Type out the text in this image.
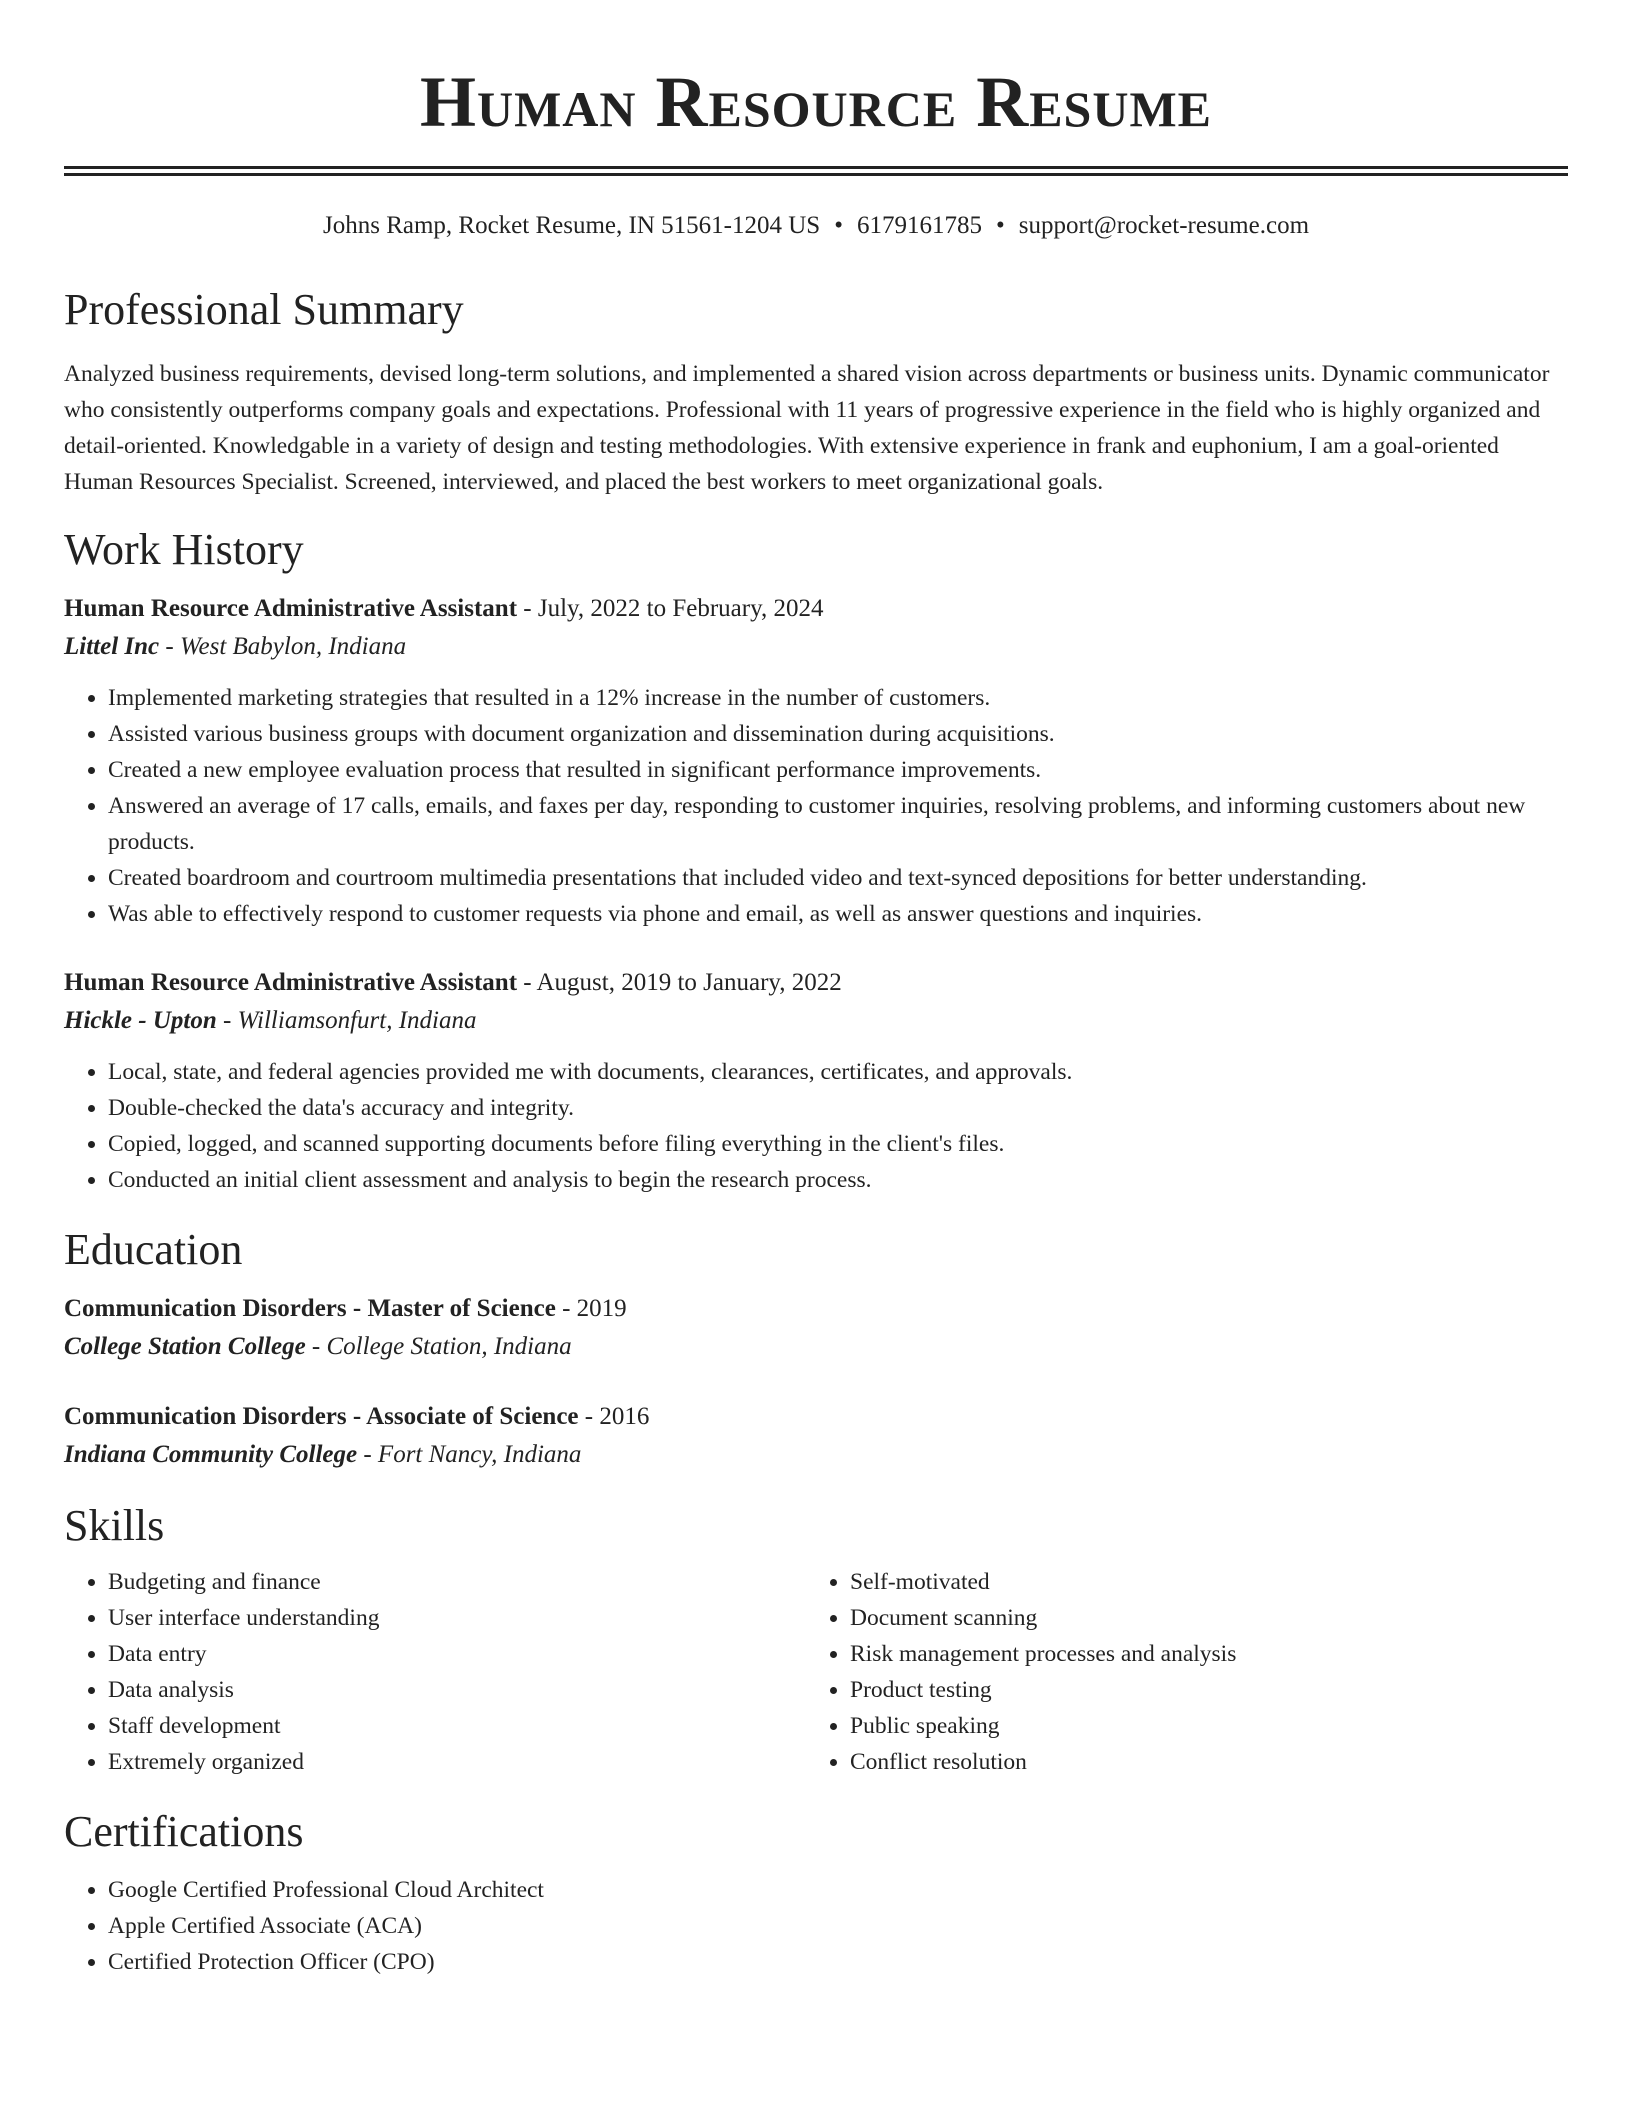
Human Resource Resume
Johns Ramp, Rocket Resume, IN 51561-1204 US • 6179161785 • support@rocket-resume.com
Professional Summary

Analyzed business requirements, devised long-term solutions, and implemented a shared vision across departments or business units. Dynamic communicator who consistently outperforms company goals and expectations. Professional with 11 years of progressive experience in the field who is highly organized and detail-oriented. Knowledgable in a variety of design and testing methodologies. With extensive experience in frank and euphonium, I am a goal-oriented Human Resources Specialist. Screened, interviewed, and placed the best workers to meet organizational goals.

Work History
Human Resource Administrative Assistant - July, 2022 to February, 2024
Littel Inc - West Babylon, Indiana
• Implemented marketing strategies that resulted in a 12% increase in the number of customers.
• Assisted various business groups with document organization and dissemination during acquisitions.
• Created a new employee evaluation process that resulted in significant performance improvements.
• Answered an average of 17 calls, emails, and faxes per day, responding to customer inquiries, resolving problems, and informing customers about new products.
• Created boardroom and courtroom multimedia presentations that included video and text-synced depositions for better understanding.
• Was able to effectively respond to customer requests via phone and email, as well as answer questions and inquiries.
Human Resource Administrative Assistant - August, 2019 to January, 2022
Hickle - Upton - Williamsonfurt, Indiana
• Local, state, and federal agencies provided me with documents, clearances, certificates, and approvals.
• Double-checked the data's accuracy and integrity.
• Copied, logged, and scanned supporting documents before filing everything in the client's files.
• Conducted an initial client assessment and analysis to begin the research process.
Education
Communication Disorders - Master of Science - 2019
College Station College - College Station, Indiana
Communication Disorders - Associate of Science - 2016
Indiana Community College - Fort Nancy, Indiana
Skills
• Budgeting and finance
• User interface understanding
• Data entry
• Data analysis
• Staff development
• Extremely organized
• Self-motivated
• Document scanning
• Risk management processes and analysis
• Product testing
• Public speaking
• Conflict resolution
Certifications
• Google Certified Professional Cloud Architect
• Apple Certified Associate (ACA)
• Certified Protection Officer (CPO)
